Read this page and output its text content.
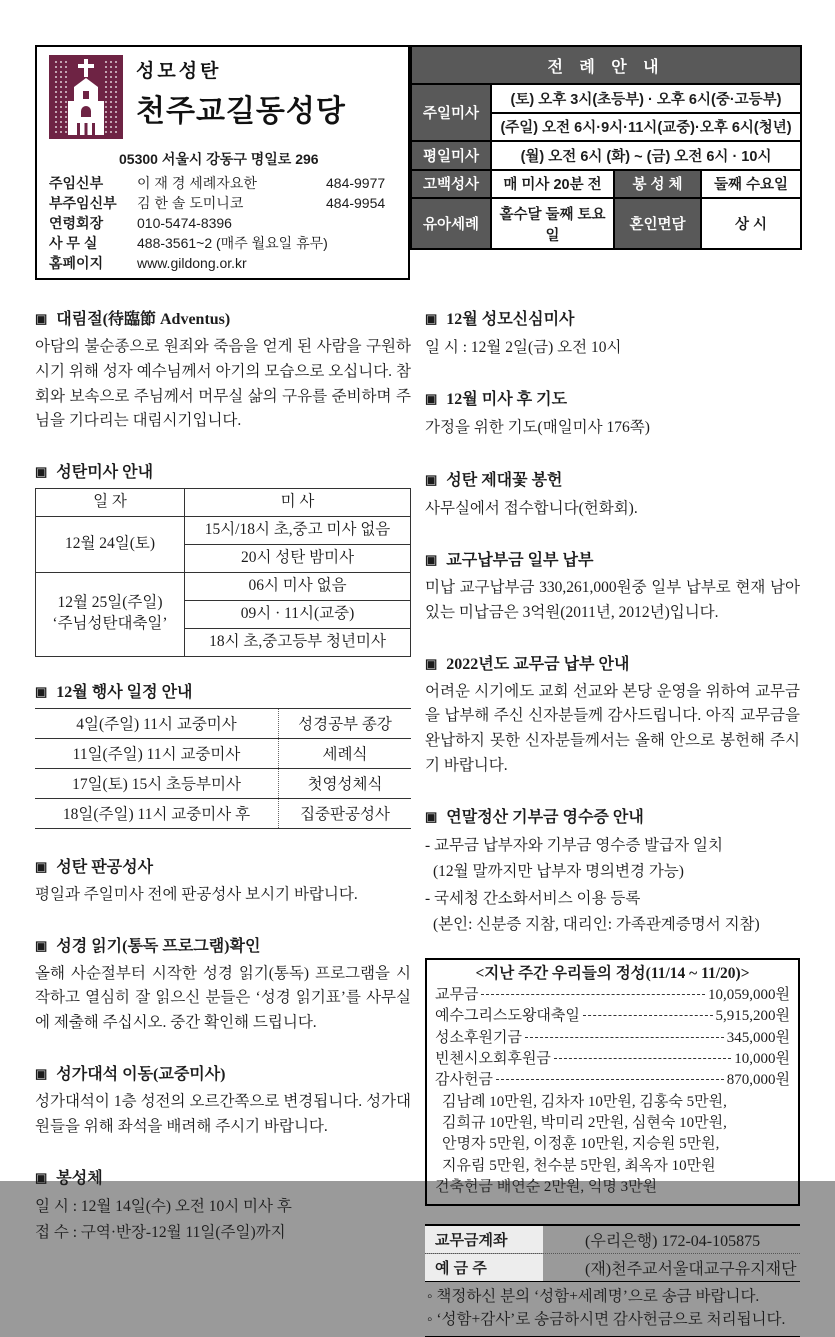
성모성탄
천주교길동성당
05300 서울시 강동구 명일로 296
주임신부	이 재 경 세례자요한	484-9977
부주임신부	김 한 솔 도미니코	484-9954
연령회장	010-5474-8396
사 무 실	488-3561~2 (매주 월요일 휴무)
홈페이지	www.gildong.or.kr
전 례 안 내			
주일미사	(토) 오후 3시(초등부) · 오후 6시(중·고등부)		
	(주일) 오전 6시·9시·11시(교중)·오후 6시(청년)		
평일미사	(월) 오전 6시 (화) ~ (금) 오전 6시 · 10시		
고백성사	매 미사 20분 전	봉 성 체	둘째 수요일
유아세례	홀수달 둘째 토요일	혼인면담	상 시
▣ 대림절(待臨節 Adventus)
아담의 불순종으로 원죄와 죽음을 얻게 된 사람을 구원하시기 위해 성자 예수님께서 아기의 모습으로 오십니다. 참회와 보속으로 주님께서 머무실 삶의 구유를 준비하며 주님을 기다리는 대림시기입니다.
▣ 성탄미사 안내
일 자	미 사
12월 24일(토)	15시/18시 초,중고 미사 없음
	20시 성탄 밤미사

12월 25일(주일)
‘주님성탄대축일’	06시 미사 없음
	09시 · 11시(교중)
	18시 초,중고등부 청년미사
▣ 12월 행사 일정 안내
4일(주일) 11시 교중미사	성경공부 종강
11일(주일) 11시 교중미사	세례식
17일(토) 15시 초등부미사	첫영성체식
18일(주일) 11시 교중미사 후	집중판공성사
▣ 성탄 판공성사
평일과 주일미사 전에 판공성사 보시기 바랍니다.
▣ 성경 읽기(통독 프로그램)확인
올해 사순절부터 시작한 성경 읽기(통독) 프로그램을 시작하고 열심히 잘 읽으신 분들은 ‘성경 읽기표’를 사무실에 제출해 주십시오. 중간 확인해 드립니다.
▣ 성가대석 이동(교중미사)
성가대석이 1층 성전의 오르간쪽으로 변경됩니다. 성가대원들을 위해 좌석을 배려해 주시기 바랍니다.
▣ 봉성체
일 시 : 12월 14일(수) 오전 10시 미사 후
접 수 : 구역·반장-12월 11일(주일)까지
▣ 12월 성모신심미사
일 시 : 12월 2일(금) 오전 10시
▣ 12월 미사 후 기도
가정을 위한 기도(매일미사 176쪽)
▣ 성탄 제대꽃 봉헌
사무실에서 접수합니다(헌화회).
▣ 교구납부금 일부 납부
미납 교구납부금 330,261,000원중 일부 납부로 현재 남아있는 미납금은 3억원(2011년, 2012년)입니다.
▣ 2022년도 교무금 납부 안내
어려운 시기에도 교회 선교와 본당 운영을 위하여 교무금을 납부해 주신 신자분들께 감사드립니다. 아직 교무금을 완납하지 못한 신자분들께서는 올해 안으로 봉헌해 주시기 바랍니다.
▣ 연말정산 기부금 영수증 안내
- 교무금 납부자와 기부금 영수증 발급자 일치
(12월 말까지만 납부자 명의변경 가능)
- 국세청 간소화서비스 이용 등록
(본인: 신분증 지참, 대리인: 가족관계증명서 지참)
<지난 주간 우리들의 정성(11/14 ~ 11/20)>
교무금	10,059,000원
예수그리스도왕대축일	5,915,200원
성소후원기금	345,000원
빈첸시오회후원금	10,000원
감사헌금	870,000원
김남례 10만원, 김차자 10만원, 김홍숙 5만원,
김희규 10만원, 박미리 2만원, 심현숙 10만원,
안명자 5만원, 이정훈 10만원, 지승원 5만원,
지유림 5만원, 천수분 5만원, 최옥자 10만원
건축헌금 배연순 2만원, 익명 3만원
교무금계좌	(우리은행) 172-04-105875
예 금 주	(재)천주교서울대교구유지재단
◦ 책정하신 분의 ‘성함+세례명’으로 송금 바랍니다.
◦ ‘성함+감사’로 송금하시면 감사헌금으로 처리됩니다.
